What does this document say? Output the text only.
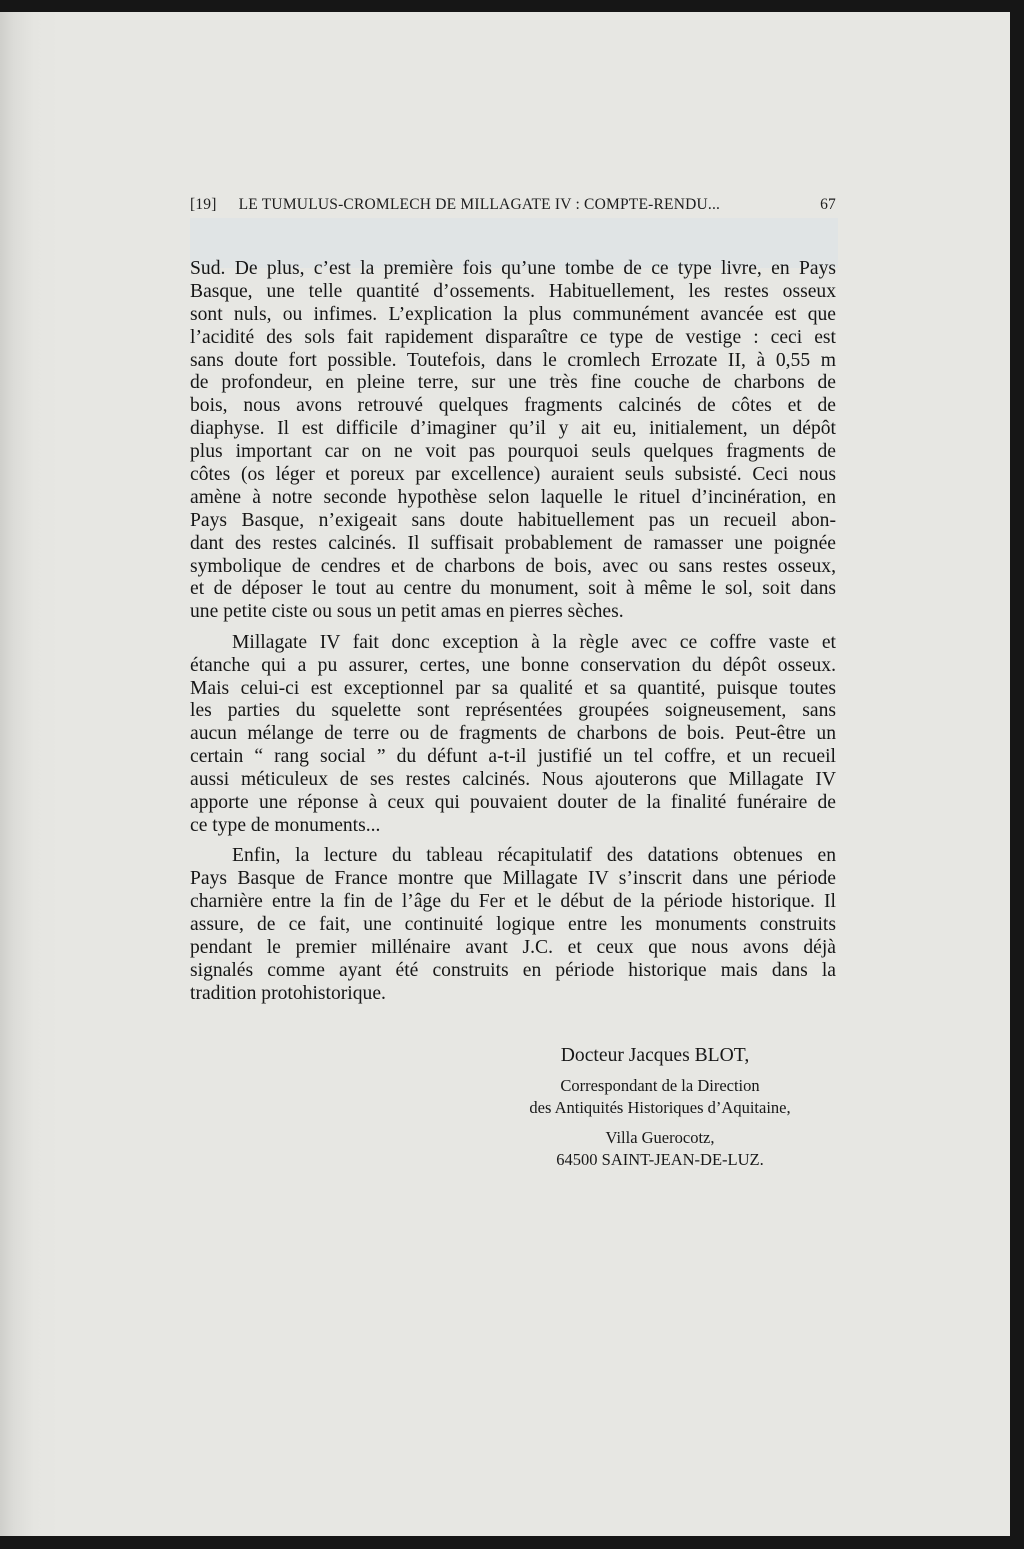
[19] LE TUMULUS-CROMLECH DE MILLAGATE IV : COMPTE-RENDU...	67
Sud. De plus, c’est la première fois qu’une tombe de ce type livre, en Pays
Basque, une telle quantité d’ossements. Habituellement, les restes osseux
sont nuls, ou infimes. L’explication la plus communément avancée est que
l’acidité des sols fait rapidement disparaître ce type de vestige : ceci est
sans doute fort possible. Toutefois, dans le cromlech Errozate II, à 0,55 m
de profondeur, en pleine terre, sur une très fine couche de charbons de
bois, nous avons retrouvé quelques fragments calcinés de côtes et de
diaphyse. Il est difficile d’imaginer qu’il y ait eu, initialement, un dépôt
plus important car on ne voit pas pourquoi seuls quelques fragments de
côtes (os léger et poreux par excellence) auraient seuls subsisté. Ceci nous
amène à notre seconde hypothèse selon laquelle le rituel d’incinération, en
Pays Basque, n’exigeait sans doute habituellement pas un recueil abon-
dant des restes calcinés. Il suffisait probablement de ramasser une poignée
symbolique de cendres et de charbons de bois, avec ou sans restes osseux,
et de déposer le tout au centre du monument, soit à même le sol, soit dans
une petite ciste ou sous un petit amas en pierres sèches.
Millagate IV fait donc exception à la règle avec ce coffre vaste et
étanche qui a pu assurer, certes, une bonne conservation du dépôt osseux.
Mais celui-ci est exceptionnel par sa qualité et sa quantité, puisque toutes
les parties du squelette sont représentées groupées soigneusement, sans
aucun mélange de terre ou de fragments de charbons de bois. Peut-être un
certain “ rang social ” du défunt a-t-il justifié un tel coffre, et un recueil
aussi méticuleux de ses restes calcinés. Nous ajouterons que Millagate IV
apporte une réponse à ceux qui pouvaient douter de la finalité funéraire de
ce type de monuments...
Enfin, la lecture du tableau récapitulatif des datations obtenues en
Pays Basque de France montre que Millagate IV s’inscrit dans une période
charnière entre la fin de l’âge du Fer et le début de la période historique. Il
assure, de ce fait, une continuité logique entre les monuments construits
pendant le premier millénaire avant J.C. et ceux que nous avons déjà
signalés comme ayant été construits en période historique mais dans la
tradition protohistorique.
Docteur Jacques BLOT,
Correspondant de la Direction
des Antiquités Historiques d’Aquitaine,
Villa Guerocotz,
64500 SAINT-JEAN-DE-LUZ.
